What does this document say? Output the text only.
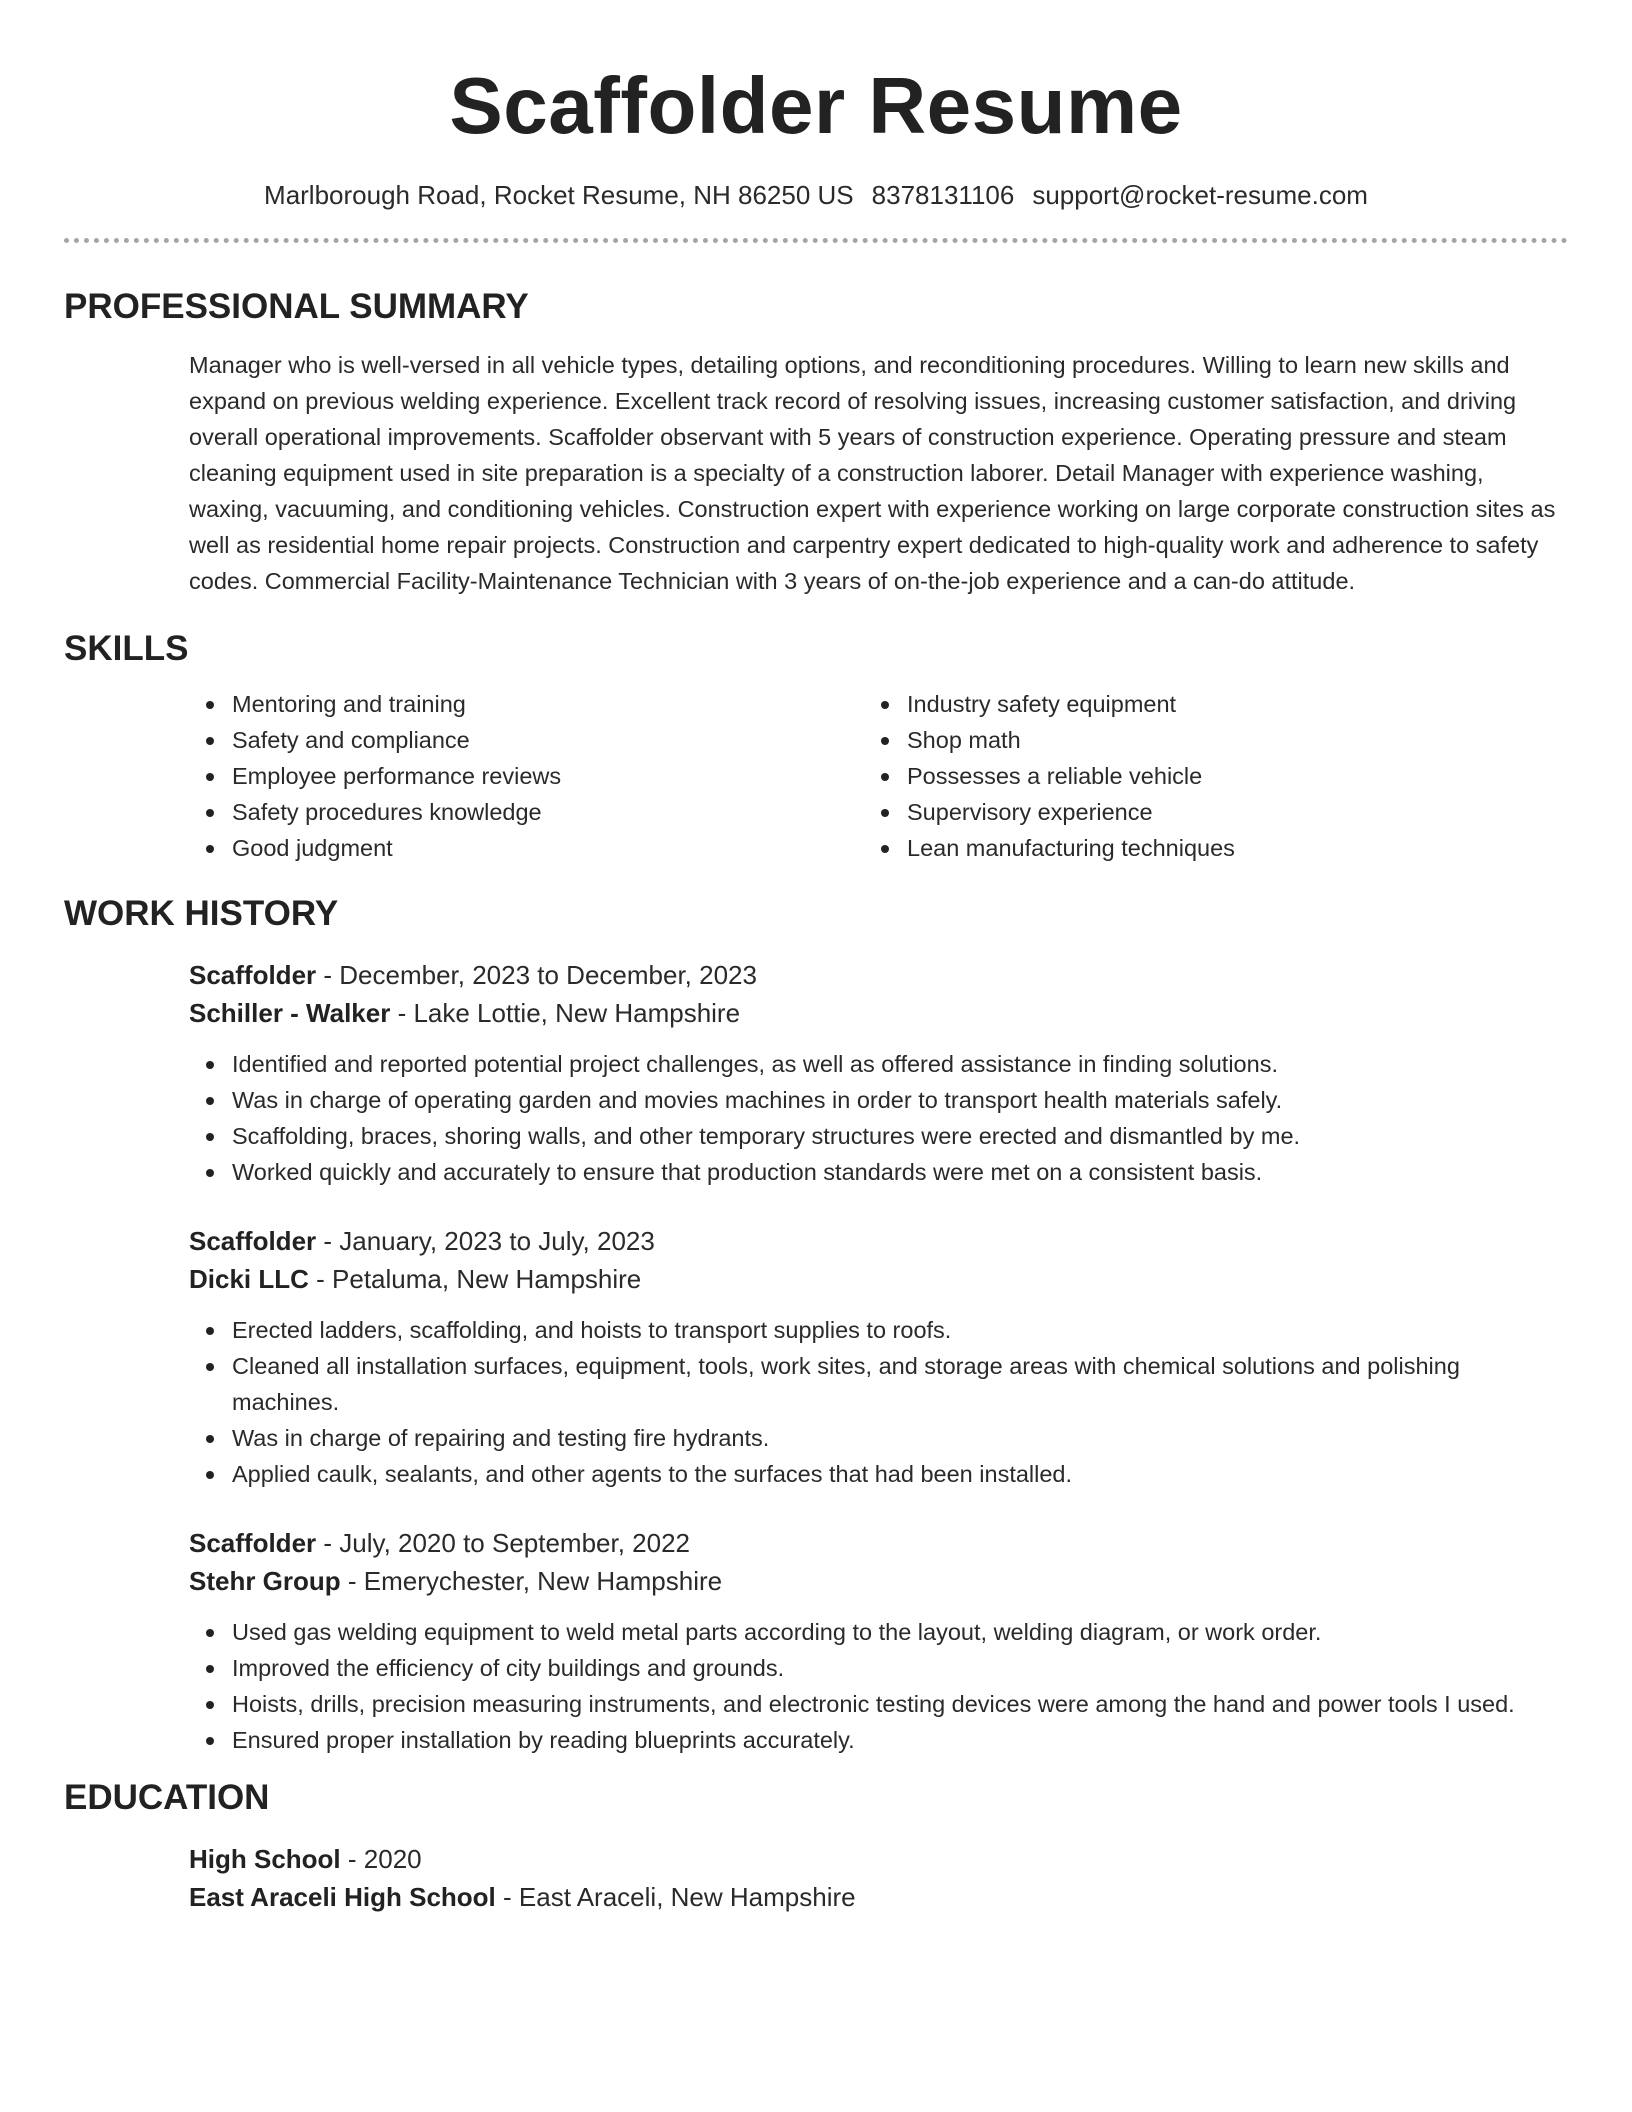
Scaffolder Resume
Marlborough Road, Rocket Resume, NH 86250 US 8378131106 support@rocket-resume.com
PROFESSIONAL SUMMARY

Manager who is well-versed in all vehicle types, detailing options, and reconditioning procedures. Willing to learn new skills and expand on previous welding experience. Excellent track record of resolving issues, increasing customer satisfaction, and driving overall operational improvements. Scaffolder observant with 5 years of construction experience. Operating pressure and steam cleaning equipment used in site preparation is a specialty of a construction laborer. Detail Manager with experience washing, waxing, vacuuming, and conditioning vehicles. Construction expert with experience working on large corporate construction sites as well as residential home repair projects. Construction and carpentry expert dedicated to high-quality work and adherence to safety codes. Commercial Facility-Maintenance Technician with 3 years of on-the-job experience and a can-do attitude.

SKILLS
Mentoring and training
Safety and compliance
Employee performance reviews
Safety procedures knowledge
Good judgment
Industry safety equipment
Shop math
Possesses a reliable vehicle
Supervisory experience
Lean manufacturing techniques
WORK HISTORY
Scaffolder - December, 2023 to December, 2023
Schiller - Walker - Lake Lottie, New Hampshire
Identified and reported potential project challenges, as well as offered assistance in finding solutions.
Was in charge of operating garden and movies machines in order to transport health materials safely.
Scaffolding, braces, shoring walls, and other temporary structures were erected and dismantled by me.
Worked quickly and accurately to ensure that production standards were met on a consistent basis.
Scaffolder - January, 2023 to July, 2023
Dicki LLC - Petaluma, New Hampshire
Erected ladders, scaffolding, and hoists to transport supplies to roofs.
Cleaned all installation surfaces, equipment, tools, work sites, and storage areas with chemical solutions and polishing machines.
Was in charge of repairing and testing fire hydrants.
Applied caulk, sealants, and other agents to the surfaces that had been installed.
Scaffolder - July, 2020 to September, 2022
Stehr Group - Emerychester, New Hampshire
Used gas welding equipment to weld metal parts according to the layout, welding diagram, or work order.
Improved the efficiency of city buildings and grounds.
Hoists, drills, precision measuring instruments, and electronic testing devices were among the hand and power tools I used.
Ensured proper installation by reading blueprints accurately.
EDUCATION
High School - 2020
East Araceli High School - East Araceli, New Hampshire
